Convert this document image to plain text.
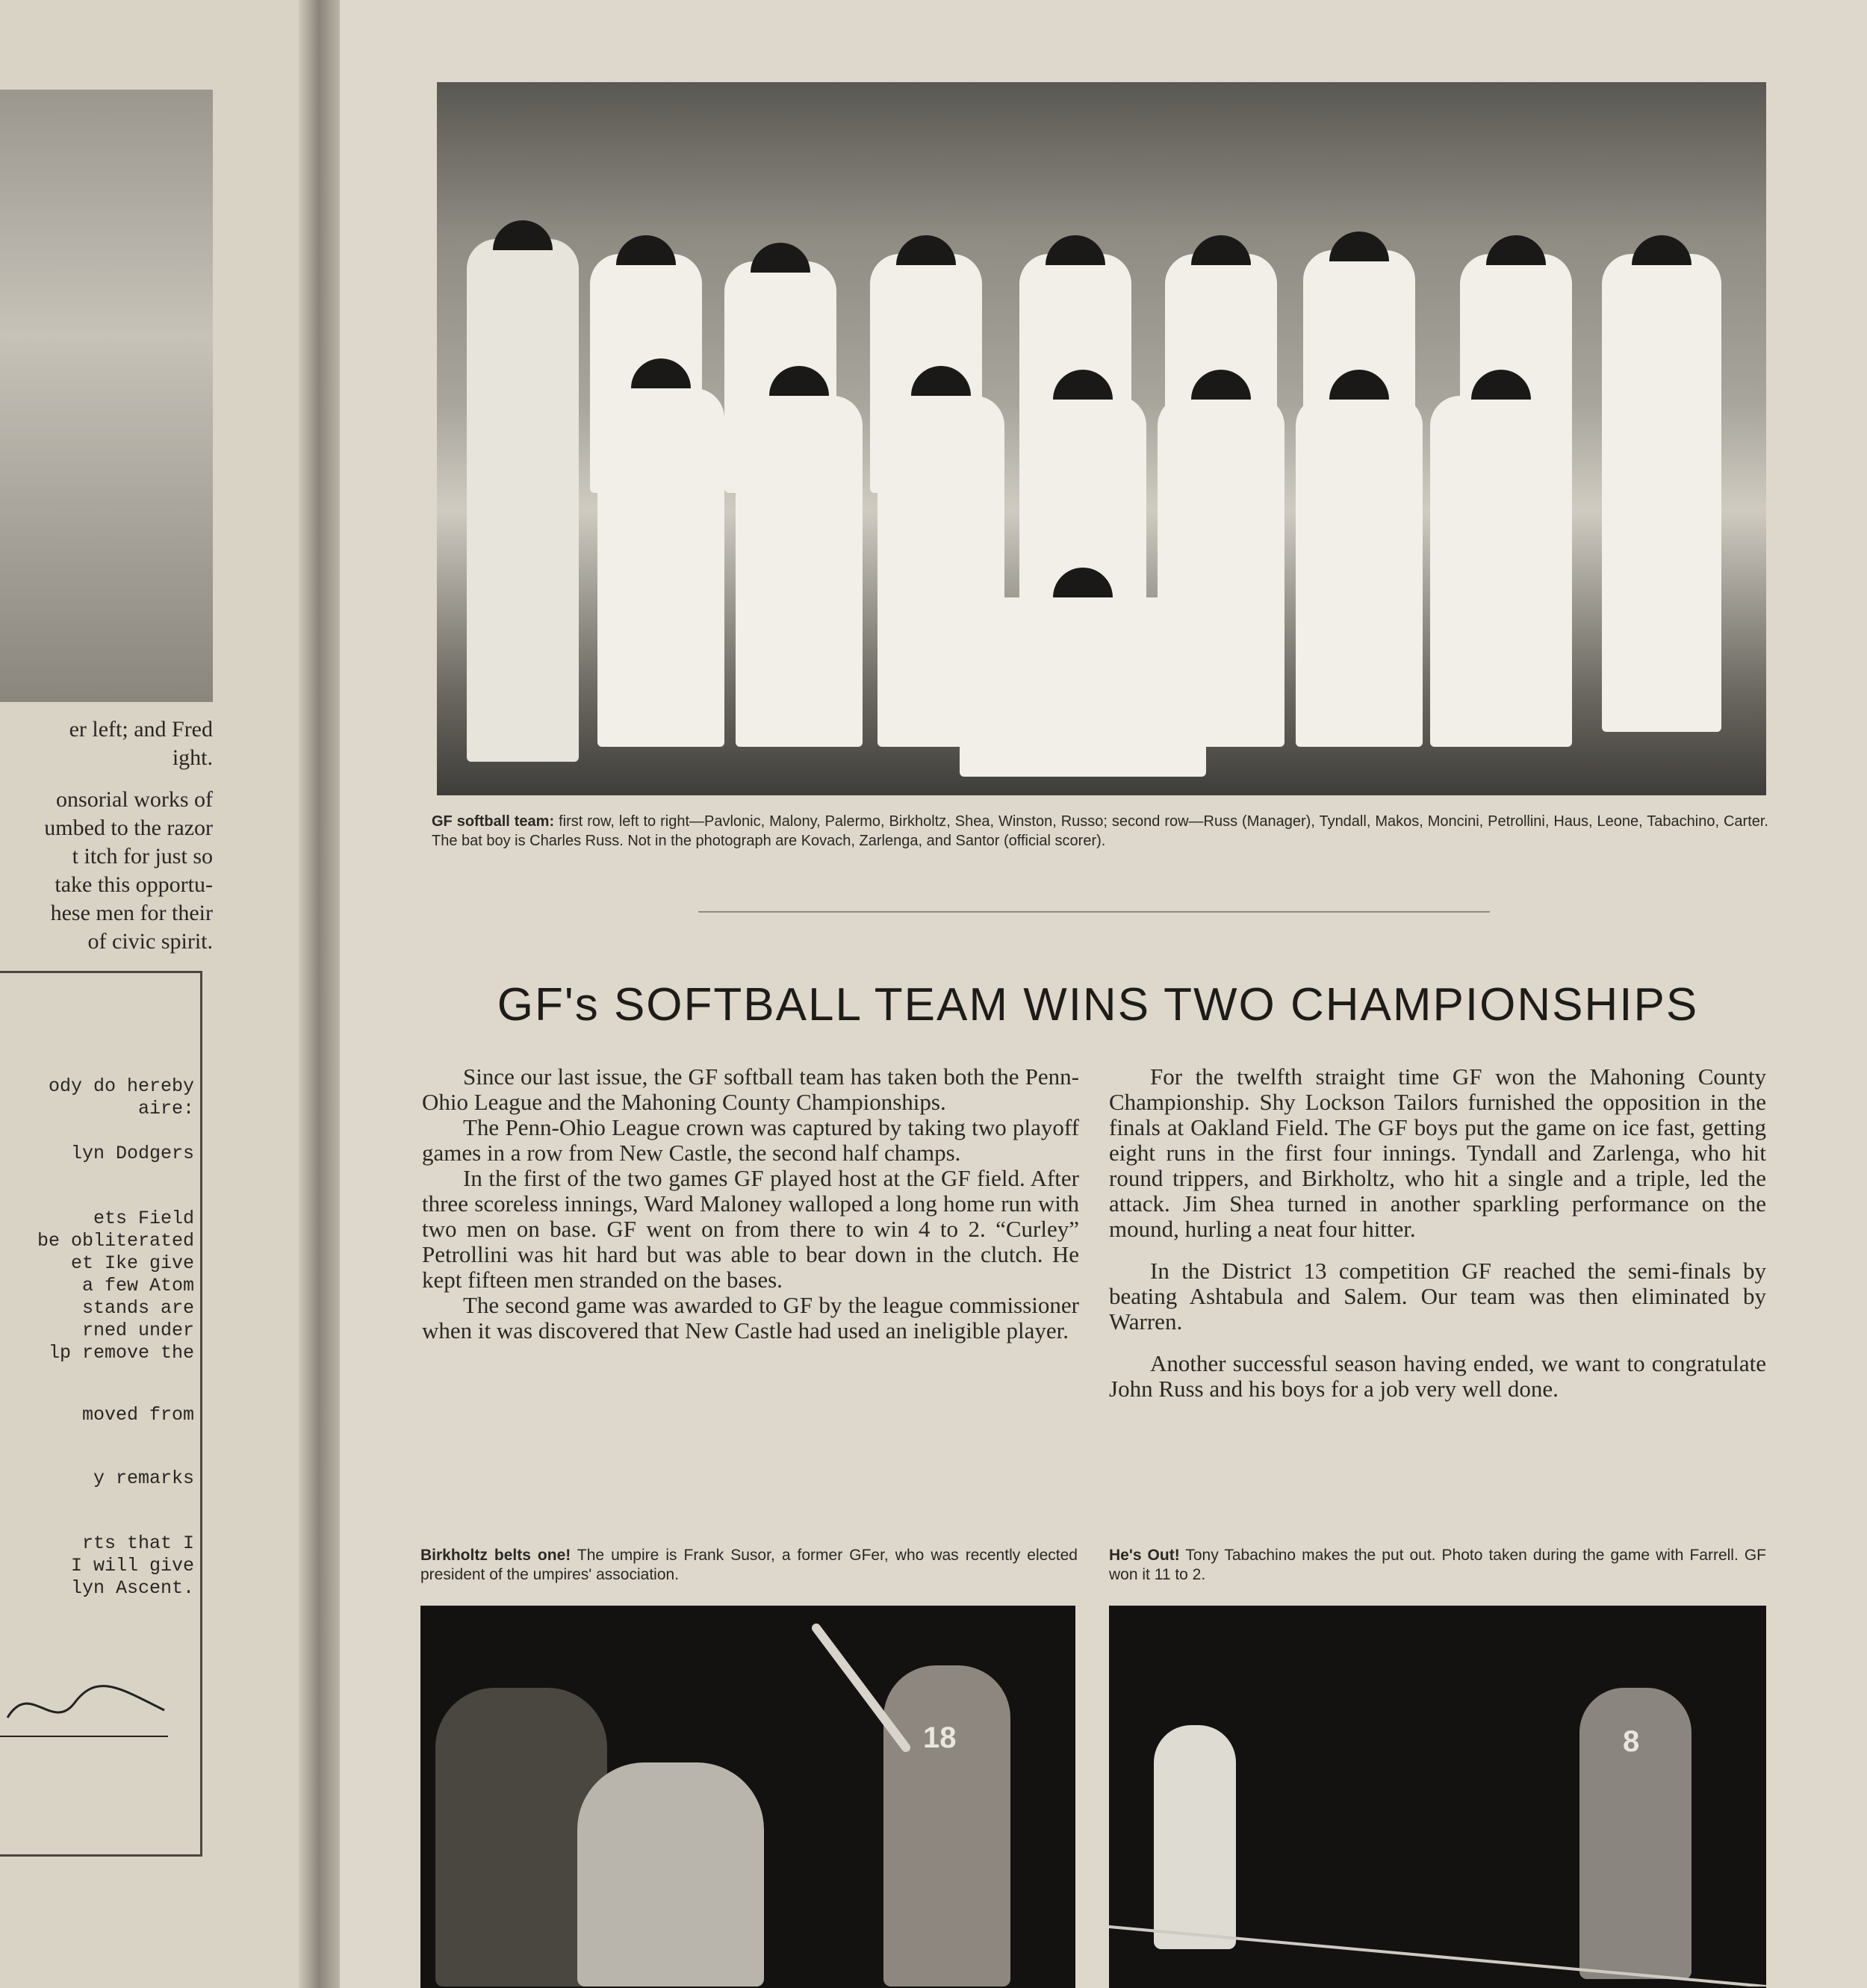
er left; and Fred
ight.
onsorial works of
umbed to the razor
t itch for just so
take this opportu-
hese men for their
of civic spirit.
ody do hereby
aire:
lyn Dodgers
ets Field
be obliterated
et Ike give
a few Atom
stands are
rned under
lp remove the
moved from
y remarks
rts that I
I will give
lyn Ascent.
GF softball team: first row, left to right—Pavlonic, Malony, Palermo, Birkholtz, Shea, Winston, Russo; second row—Russ (Manager), Tyndall, Makos, Moncini, Petrollini, Haus, Leone, Tabachino, Carter. The bat boy is Charles Russ. Not in the photograph are Kovach, Zarlenga, and Santor (official scorer).
GF's SOFTBALL TEAM WINS TWO CHAMPIONSHIPS

Since our last issue, the GF softball team has taken both the Penn-Ohio League and the Mahoning County Championships.

The Penn-Ohio League crown was captured by taking two playoff games in a row from New Castle, the second half champs.

In the first of the two games GF played host at the GF field. After three scoreless innings, Ward Maloney walloped a long home run with two men on base. GF went on from there to win 4 to 2. “Curley” Petrollini was hit hard but was able to bear down in the clutch. He kept fifteen men stranded on the bases.

The second game was awarded to GF by the league commissioner when it was discovered that New Castle had used an ineligible player.

For the twelfth straight time GF won the Mahoning County Championship. Shy Lockson Tailors furnished the opposition in the finals at Oakland Field. The GF boys put the game on ice fast, getting eight runs in the first four innings. Tyndall and Zarlenga, who hit round trippers, and Birkholtz, who hit a single and a triple, led the attack. Jim Shea turned in another sparkling performance on the mound, hurling a neat four hitter.

In the District 13 competition GF reached the semi-finals by beating Ashtabula and Salem. Our team was then eliminated by Warren.

Another successful season having ended, we want to congratulate John Russ and his boys for a job very well done.

Birkholtz belts one! The umpire is Frank Susor, a former GFer, who was recently elected president of the umpires' association.
He's Out! Tony Tabachino makes the put out. Photo taken during the game with Farrell. GF won it 11 to 2.
18	8
